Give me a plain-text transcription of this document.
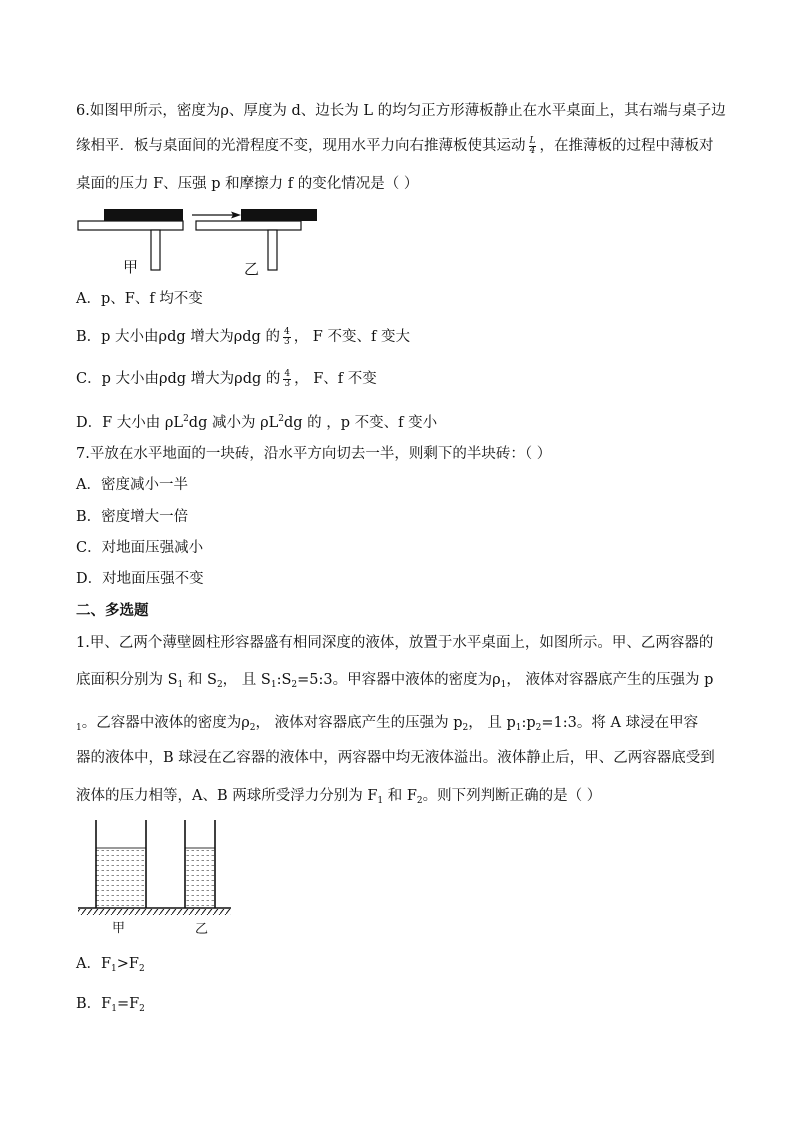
6.如图甲所示，密度为ρ、厚度为 d、边长为 L 的均匀正方形薄板静止在水平桌面上，其右端与桌子边
缘相平．板与桌面间的光滑程度不变，现用水平力向右推薄板使其运动 $\frac{L}{4}$ ，在推薄板的过程中薄板对
桌面的压力 F、压强 p 和摩擦力 f 的变化情况是（ ）
甲	乙
A．p、F、f 均不变
B．p 大小由ρdg 增大为ρdg 的 $\frac{4}{3}$ ， F 不变、f 变大
C．p 大小由ρdg 增大为ρdg 的 $\frac{4}{3}$ ， F、f 不变
D．F 大小由 $\rho L^2dg$ 减小为 $\rho L^2dg$ 的 ，p 不变、f 变小
7.平放在水平地面的一块砖，沿水平方向切去一半，则剩下的半块砖：（ ）
A．密度减小一半
B．密度增大一倍
C．对地面压强减小
D．对地面压强不变
二、多选题
1.甲、乙两个薄壁圆柱形容器盛有相同深度的液体，放置于水平桌面上，如图所示。甲、乙两容器的
底面积分别为 $S_1$ 和 $S_2$， 且 $S_1:S_2=5:3$。甲容器中液体的密度为$\rho_1$， 液体对容器底产生的压强为 p
$_1$。乙容器中液体的密度为$\rho_2$， 液体对容器底产生的压强为 $p_2$， 且 $p_1:p_2=1:3$。将 A 球浸在甲容
器的液体中，B 球浸在乙容器的液体中，两容器中均无液体溢出。液体静止后，甲、乙两容器底受到
液体的压力相等，A、B 两球所受浮力分别为 $F_1$ 和 $F_2$。则下列判断正确的是（ ）
甲	乙
A．$F_1>F_2$
B．$F_1=F_2$
